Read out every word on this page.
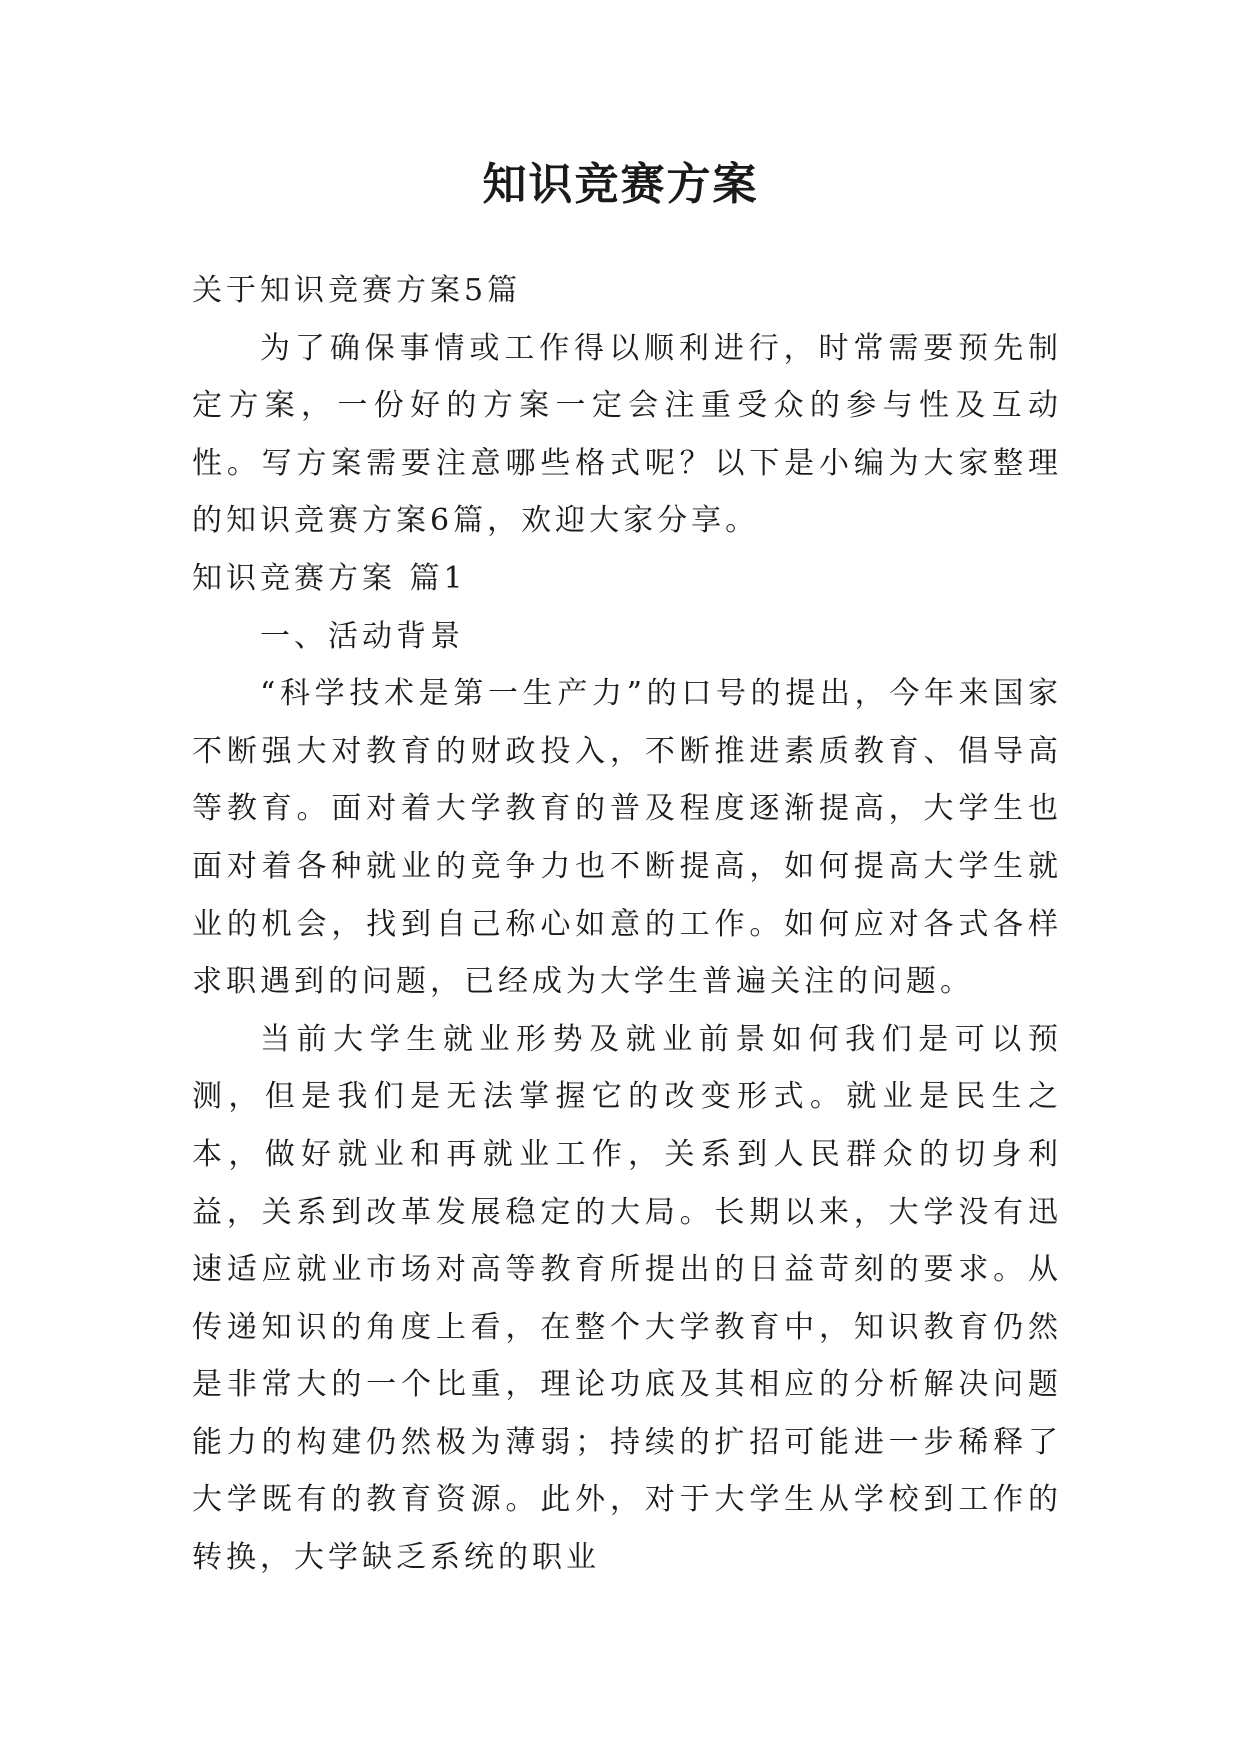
知识竞赛方案

关于知识竞赛方案5篇

为了确保事情或工作得以顺利进行，时常需要预先制定方案，一份好的方案一定会注重受众的参与性及互动性。写方案需要注意哪些格式呢？以下是小编为大家整理的知识竞赛方案6篇，欢迎大家分享。

知识竞赛方案 篇1

一、活动背景

“科学技术是第一生产力”的口号的提出，今年来国家不断强大对教育的财政投入，不断推进素质教育、倡导高等教育。面对着大学教育的普及程度逐渐提高，大学生也面对着各种就业的竞争力也不断提高，如何提高大学生就业的机会，找到自己称心如意的工作。如何应对各式各样求职遇到的问题，已经成为大学生普遍关注的问题。

当前大学生就业形势及就业前景如何我们是可以预测，但是我们是无法掌握它的改变形式。就业是民生之本，做好就业和再就业工作，关系到人民群众的切身利益，关系到改革发展稳定的大局。长期以来，大学没有迅速适应就业市场对高等教育所提出的日益苛刻的要求。从传递知识的角度上看，在整个大学教育中，知识教育仍然是非常大的一个比重，理论功底及其相应的分析解决问题能力的构建仍然极为薄弱；持续的扩招可能进一步稀释了大学既有的教育资源。此外，对于大学生从学校到工作的转换，大学缺乏系统的职业
